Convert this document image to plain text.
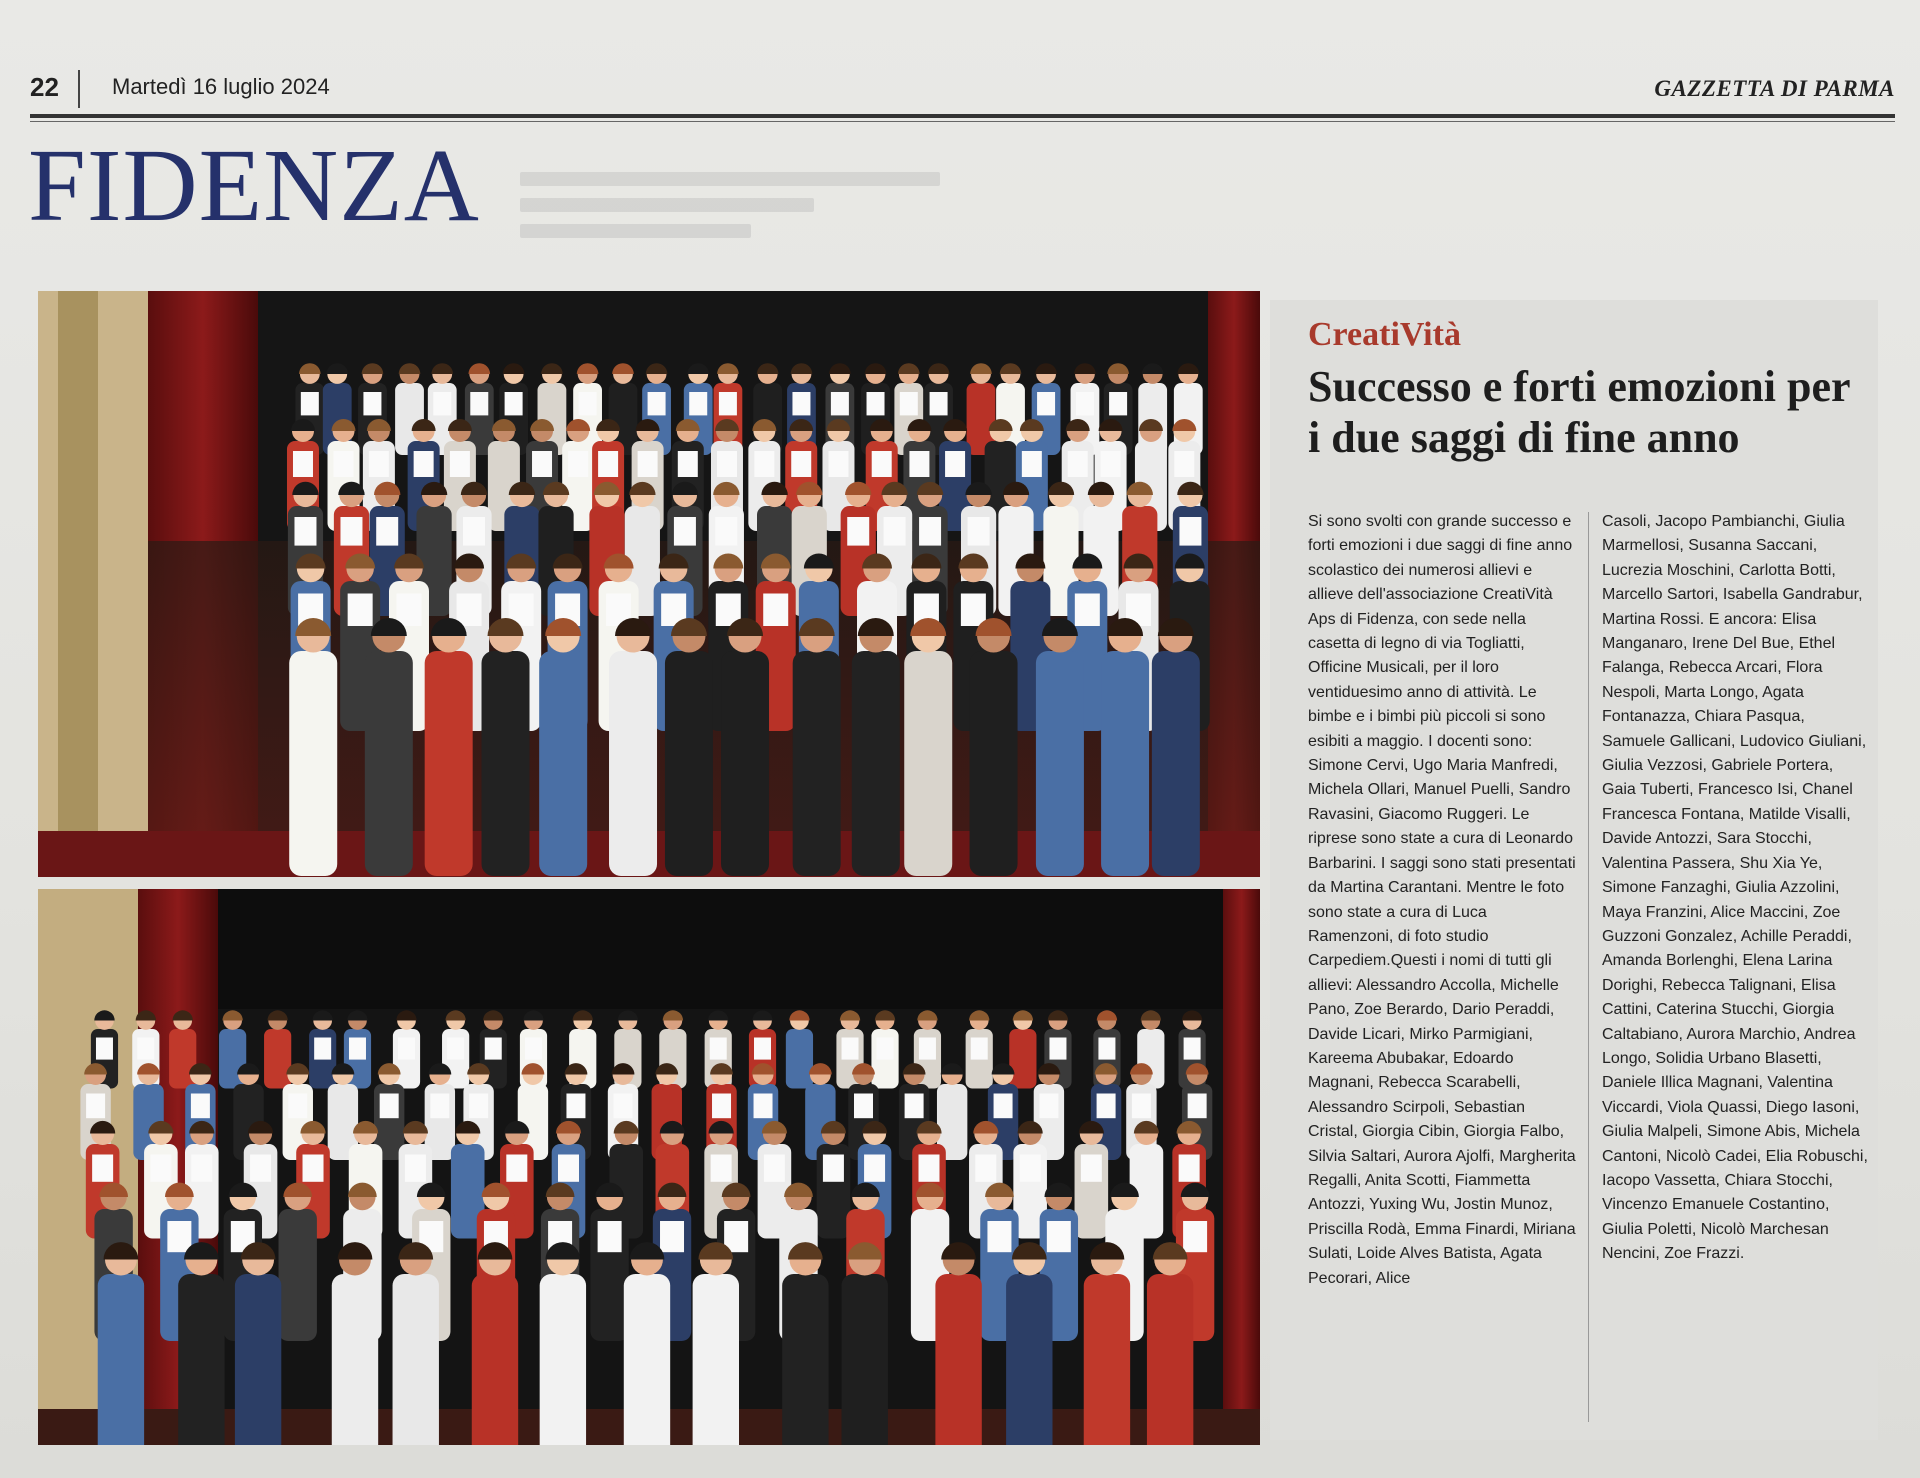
22 Martedì 16 luglio 2024	GAZZETTA DI PARMA
FIDENZA
CreatiVità
Successo e forti emozioni per i due saggi di fine anno
Si sono svolti con grande successo e forti emozioni i due saggi di fine anno scolastico dei numerosi allievi e allieve dell'associazione CreatiVità Aps di Fidenza, con sede nella casetta di legno di via Togliatti, Officine Musicali, per il loro ventiduesimo anno di attività. Le bimbe e i bimbi più piccoli si sono esibiti a maggio. I docenti sono: Simone Cervi, Ugo Maria Manfredi, Michela Ollari, Manuel Puelli, Sandro Ravasini, Giacomo Ruggeri. Le riprese sono state a cura di Leonardo Barbarini. I saggi sono stati presentati da Martina Carantani. Mentre le foto sono state a cura di Luca Ramenzoni, di foto studio Carpediem.Questi i nomi di tutti gli allievi: Alessandro Accolla, Michelle Pano, Zoe Berardo, Dario Peraddi, Davide Licari, Mirko Parmigiani, Kareema Abubakar, Edoardo Magnani, Rebecca Scarabelli, Alessandro Scirpoli, Sebastian Cristal, Giorgia Cibin, Giorgia Falbo, Silvia Saltari, Aurora Ajolfi, Margherita Regalli, Anita Scotti, Fiammetta Antozzi, Yuxing Wu, Jostin Munoz, Priscilla Rodà, Emma Finardi, Miriana Sulati, Loide Alves Batista, Agata Pecorari, Alice
Casoli, Jacopo Pambianchi, Giulia Marmellosi, Susanna Saccani, Lucrezia Moschini, Carlotta Botti, Marcello Sartori, Isabella Gandrabur, Martina Rossi. E ancora: Elisa Manganaro, Irene Del Bue, Ethel Falanga, Rebecca Arcari, Flora Nespoli, Marta Longo, Agata Fontanazza, Chiara Pasqua, Samuele Gallicani, Ludovico Giuliani, Giulia Vezzosi, Gabriele Portera, Gaia Tuberti, Francesco Isi, Chanel Francesca Fontana, Matilde Visalli, Davide Antozzi, Sara Stocchi, Valentina Passera, Shu Xia Ye, Simone Fanzaghi, Giulia Azzolini, Maya Franzini, Alice Maccini, Zoe Guzzoni Gonzalez, Achille Peraddi, Amanda Borlenghi, Elena Larina Dorighi, Rebecca Talignani, Elisa Cattini, Caterina Stucchi, Giorgia Caltabiano, Aurora Marchio, Andrea Longo, Solidia Urbano Blasetti, Daniele Illica Magnani, Valentina Viccardi, Viola Quassi, Diego Iasoni, Giulia Malpeli, Simone Abis, Michela Cantoni, Nicolò Cadei, Elia Robuschi, Iacopo Vassetta, Chiara Stocchi, Vincenzo Emanuele Costantino, Giulia Poletti, Nicolò Marchesan Nencini, Zoe Frazzi.
